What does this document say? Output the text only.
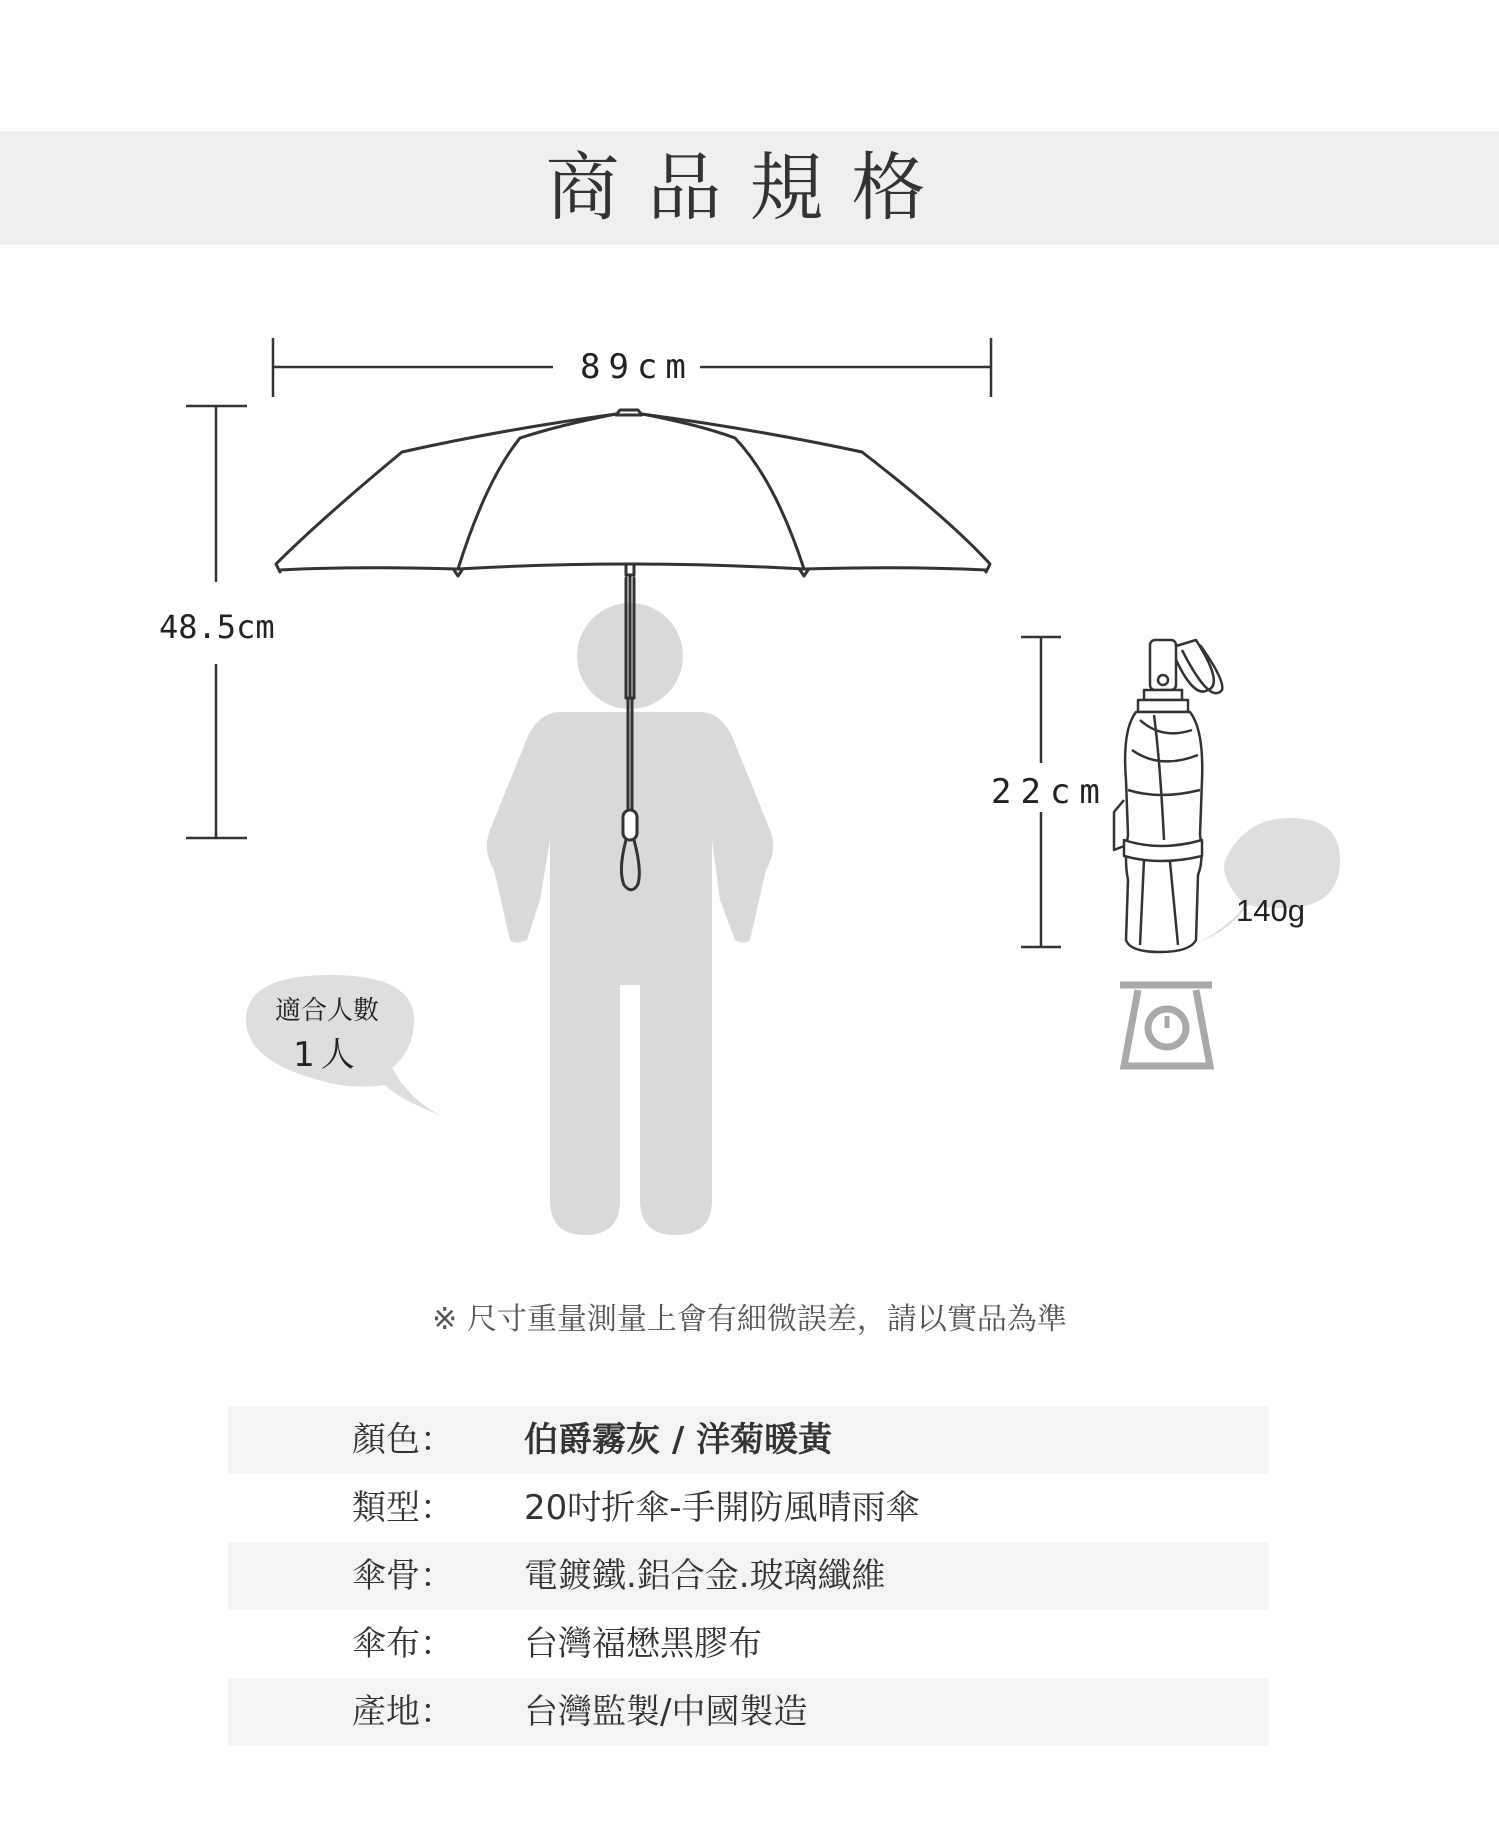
商品規格
89cm
48.5cm
22cm
140g
適合人數
1人
※ 尺寸重量測量上會有細微誤差，請以實品為準
顏色： 伯爵霧灰 / 洋菊暖黃
類型： 20吋折傘-手開防風晴雨傘
傘骨： 電鍍鐵.鋁合金.玻璃纖維
傘布： 台灣福懋黑膠布
產地： 台灣監製/中國製造
